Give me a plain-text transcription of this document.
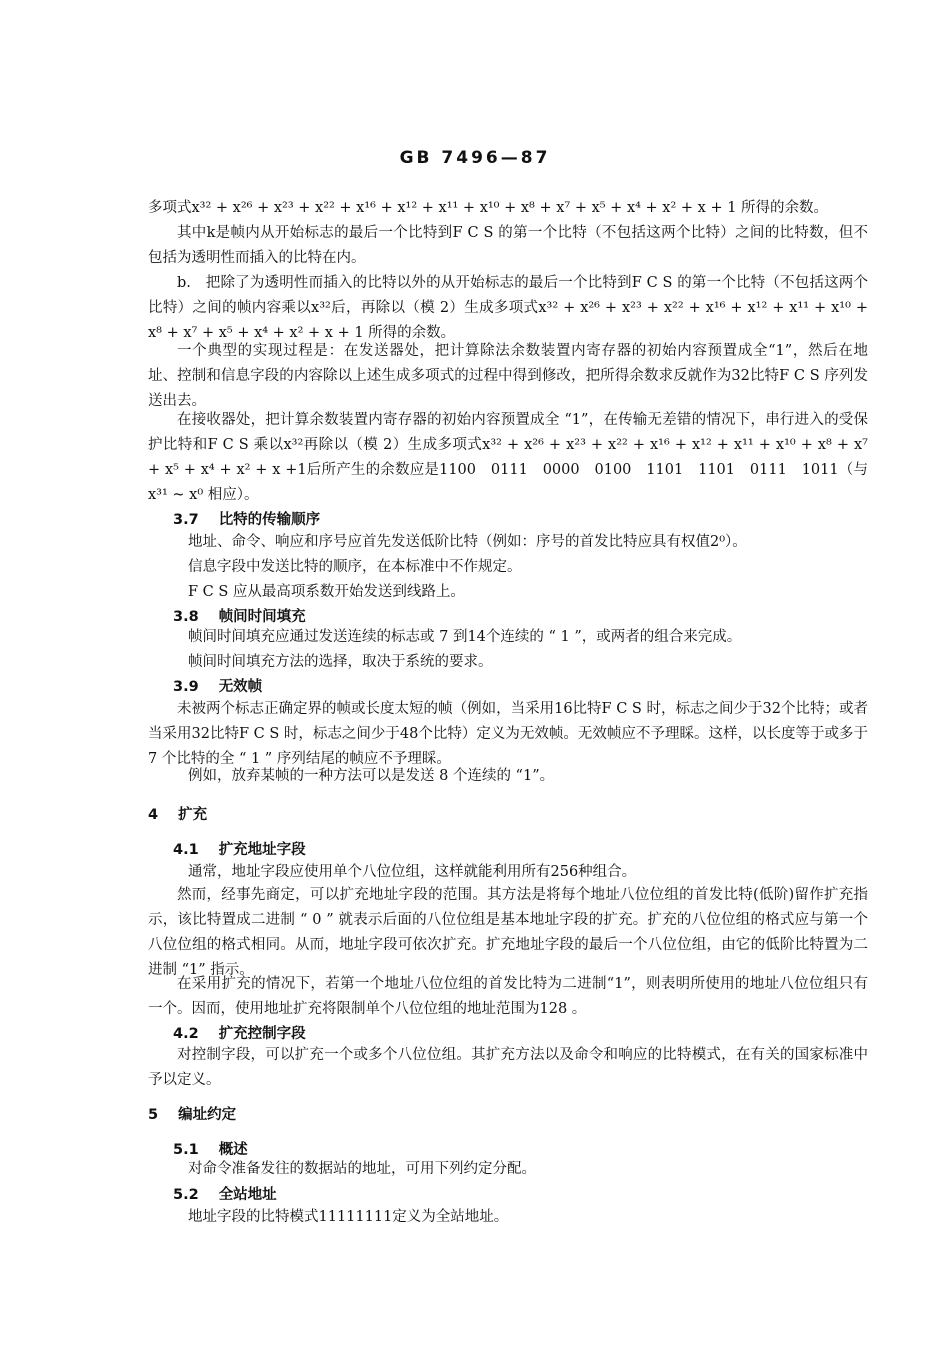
GB 7496—87

多项式x³² + x²⁶ + x²³ + x²² + x¹⁶ + x¹² + x¹¹ + x¹⁰ + x⁸ + x⁷ + x⁵ + x⁴ + x² + x + 1 所得的余数。

其中k是帧内从开始标志的最后一个比特到F C S 的第一个比特（不包括这两个比特）之间的比特数，但不包括为透明性而插入的比特在内。

b.　把除了为透明性而插入的比特以外的从开始标志的最后一个比特到F C S 的第一个比特（不包括这两个比特）之间的帧内容乘以x³²后，再除以（模 2）生成多项式x³² + x²⁶ + x²³ + x²² + x¹⁶ + x¹² + x¹¹ + x¹⁰ + x⁸ + x⁷ + x⁵ + x⁴ + x² + x + 1 所得的余数。

一个典型的实现过程是：在发送器处，把计算除法余数装置内寄存器的初始内容预置成全“1”，然后在地址、控制和信息字段的内容除以上述生成多项式的过程中得到修改，把所得余数求反就作为32比特F C S 序列发送出去。

在接收器处，把计算余数装置内寄存器的初始内容预置成全 “1”，在传输无差错的情况下，串行进入的受保护比特和F C S 乘以x³²再除以（模 2）生成多项式x³² + x²⁶ + x²³ + x²² + x¹⁶ + x¹² + x¹¹ + x¹⁰ + x⁸ + x⁷ + x⁵ + x⁴ + x² + x +1后所产生的余数应是1100　0111　0000　0100　1101　1101　0111　1011（与x³¹ ~ x⁰ 相应）。

3.7 比特的传输顺序

地址、命令、响应和序号应首先发送低阶比特（例如：序号的首发比特应具有权值2⁰）。

信息字段中发送比特的顺序，在本标准中不作规定。

F C S 应从最高项系数开始发送到线路上。

3.8 帧间时间填充

帧间时间填充应通过发送连续的标志或 7 到14个连续的 “ 1 ”，或两者的组合来完成。

帧间时间填充方法的选择，取决于系统的要求。

3.9 无效帧

未被两个标志正确定界的帧或长度太短的帧（例如，当采用16比特F C S 时，标志之间少于32个比特；或者当采用32比特F C S 时，标志之间少于48个比特）定义为无效帧。无效帧应不予理睬。这样，以长度等于或多于 7 个比特的全 “ 1 ” 序列结尾的帧应不予理睬。

例如，放弃某帧的一种方法可以是发送 8 个连续的 “1”。

4 扩充
4.1 扩充地址字段

通常，地址字段应使用单个八位位组，这样就能利用所有256种组合。

然而，经事先商定，可以扩充地址字段的范围。其方法是将每个地址八位位组的首发比特(低阶)留作扩充指示，该比特置成二进制 “ 0 ” 就表示后面的八位位组是基本地址字段的扩充。扩充的八位位组的格式应与第一个八位位组的格式相同。从而，地址字段可依次扩充。扩充地址字段的最后一个八位位组，由它的低阶比特置为二进制 “1” 指示。

在采用扩充的情况下，若第一个地址八位位组的首发比特为二进制“1”，则表明所使用的地址八位位组只有一个。因而，使用地址扩充将限制单个八位位组的地址范围为128 。

4.2 扩充控制字段

对控制字段，可以扩充一个或多个八位位组。其扩充方法以及命令和响应的比特模式，在有关的国家标准中予以定义。

5 编址约定
5.1 概述

对命令准备发往的数据站的地址，可用下列约定分配。

5.2 全站地址

地址字段的比特模式11111111定义为全站地址。
